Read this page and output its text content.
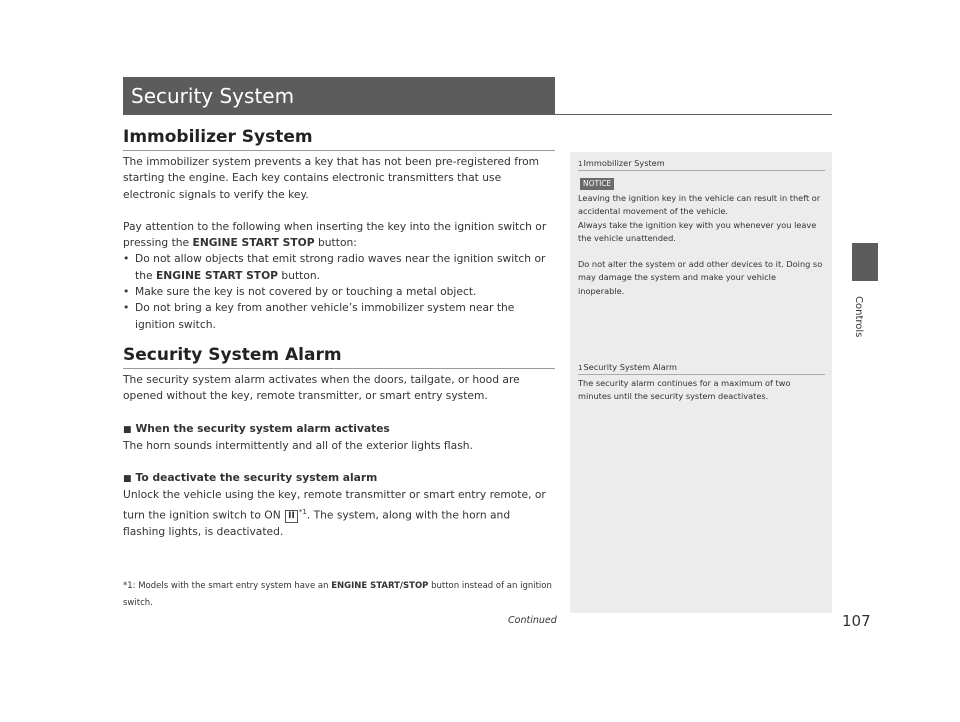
Security System
Controls
Immobilizer System

The immobilizer system prevents a key that has not been pre-registered from starting the engine. Each key contains electronic transmitters that use electronic signals to verify the key.

Pay attention to the following when inserting the key into the ignition switch or pressing the ENGINE START STOP button:

• Do not allow objects that emit strong radio waves near the ignition switch or the ENGINE START STOP button.
• Make sure the key is not covered by or touching a metal object.
• Do not bring a key from another vehicle’s immobilizer system near the ignition switch.
Security System Alarm

The security system alarm activates when the doors, tailgate, or hood are opened without the key, remote transmitter, or smart entry system.

■ When the security system alarm activates

The horn sounds intermittently and all of the exterior lights flash.

■ To deactivate the security system alarm

Unlock the vehicle using the key, remote transmitter or smart entry remote, or turn the ignition switch to ON II $^{*1}$. The system, along with the horn and flashing lights, is deactivated.

*1: Models with the smart entry system have an ENGINE START/STOP button instead of an ignition switch.
1Immobilizer System
NOTICE

Leaving the ignition key in the vehicle can result in theft or accidental movement of the vehicle.

Always take the ignition key with you whenever you leave the vehicle unattended.

Do not alter the system or add other devices to it. Doing so may damage the system and make your vehicle inoperable.

1Security System Alarm

The security alarm continues for a maximum of two minutes until the security system deactivates.

Continued	107
